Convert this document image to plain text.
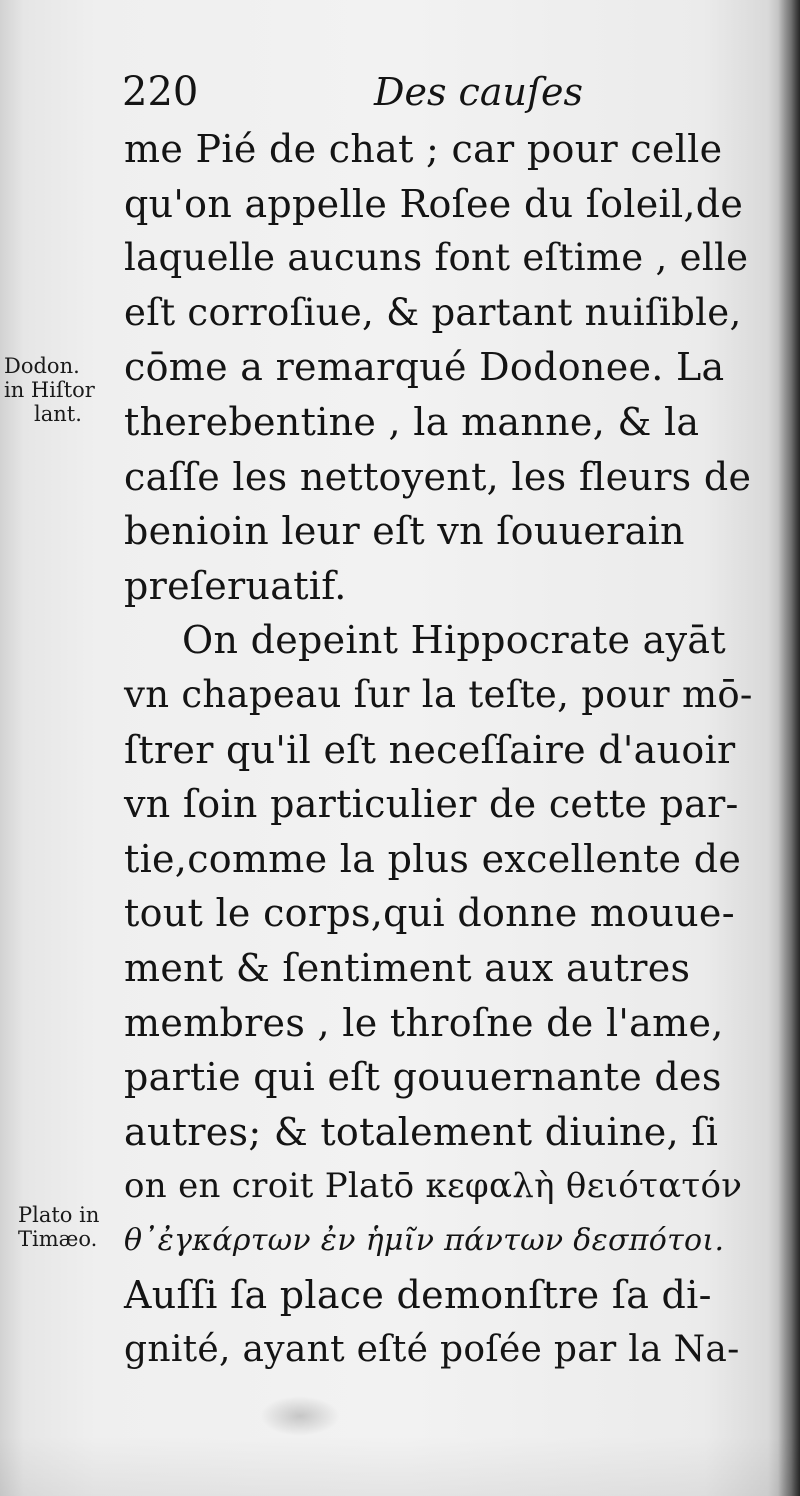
220	Des cauſes
Dodon.
in Hiſtor
lant.
Plato in
Timæo.
me Pié de chat ; car pour celle
qu'on appelle Roſee du ſoleil,de
laquelle aucuns font eſtime , elle
eſt corroſiue, & partant nuiſible,
cōme a remarqué Dodonee. La
therebentine , la manne, & la
caſſe les nettoyent, les fleurs de
benioin leur eſt vn ſouuerain
preſeruatif.
On depeint Hippocrate ayāt
vn chapeau ſur la teſte, pour mō-
ſtrer qu'il eſt neceſſaire d'auoir
vn ſoin particulier de cette par-
tie,comme la plus excellente de
tout le corps,qui donne mouue-
ment & ſentiment aux autres
membres , le throſne de l'ame,
partie qui eſt gouuernante des
autres; & totalement diuine, ſi
on en croit Platō κεφαλὴ θειότατόν
θ᾽ἐγκάρτων ἐν ἡμῖν πάντων δεσπότοι.
Auſſi ſa place demonſtre ſa di-
gnité, ayant eſté poſée par la Na-
